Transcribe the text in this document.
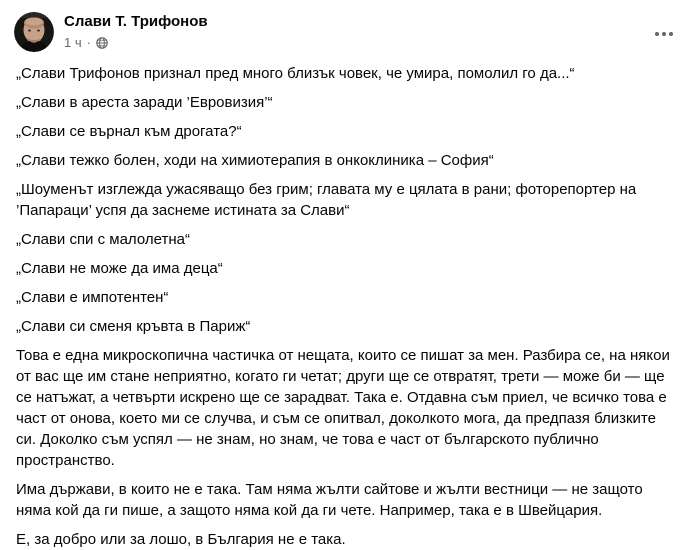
Слави Т. Трифонов
1 ч ·

„Слави Трифонов признал пред много близък човек, че умира, помолил го да...“

„Слави в ареста заради ’Евровизия’“

„Слави се върнал към дрогата?“

„Слави тежко болен, ходи на химиотерапия в онкоклиника – София“

„Шоуменът изглежда ужасяващо без грим; главата му е цялата в рани; фоторепортер на ’Папараци’ успя да заснеме истината за Слави“

„Слави спи с малолетна“

„Слави не може да има деца“

„Слави е импотентен“

„Слави си сменя кръвта в Париж“

Това е една микроскопична частичка от нещата, които се пишат за мен. Разбира се, на някои от вас ще им стане неприятно, когато ги четат; други ще се отвратят, трети — може би — ще се натъжат, а четвърти искрено ще се зарадват. Така е. Отдавна съм приел, че всичко това е част от онова, което ми се случва, и съм се опитвал, доколкото мога, да предпазя близките си. Доколко съм успял — не знам, но знам, че това е част от българското публично пространство.

Има държави, в които не е така. Там няма жълти сайтове и жълти вестници — не защото няма кой да ги пише, а защото няма кой да ги чете. Например, така е в Швейцария.

Е, за добро или за лошо, в България не е така.
